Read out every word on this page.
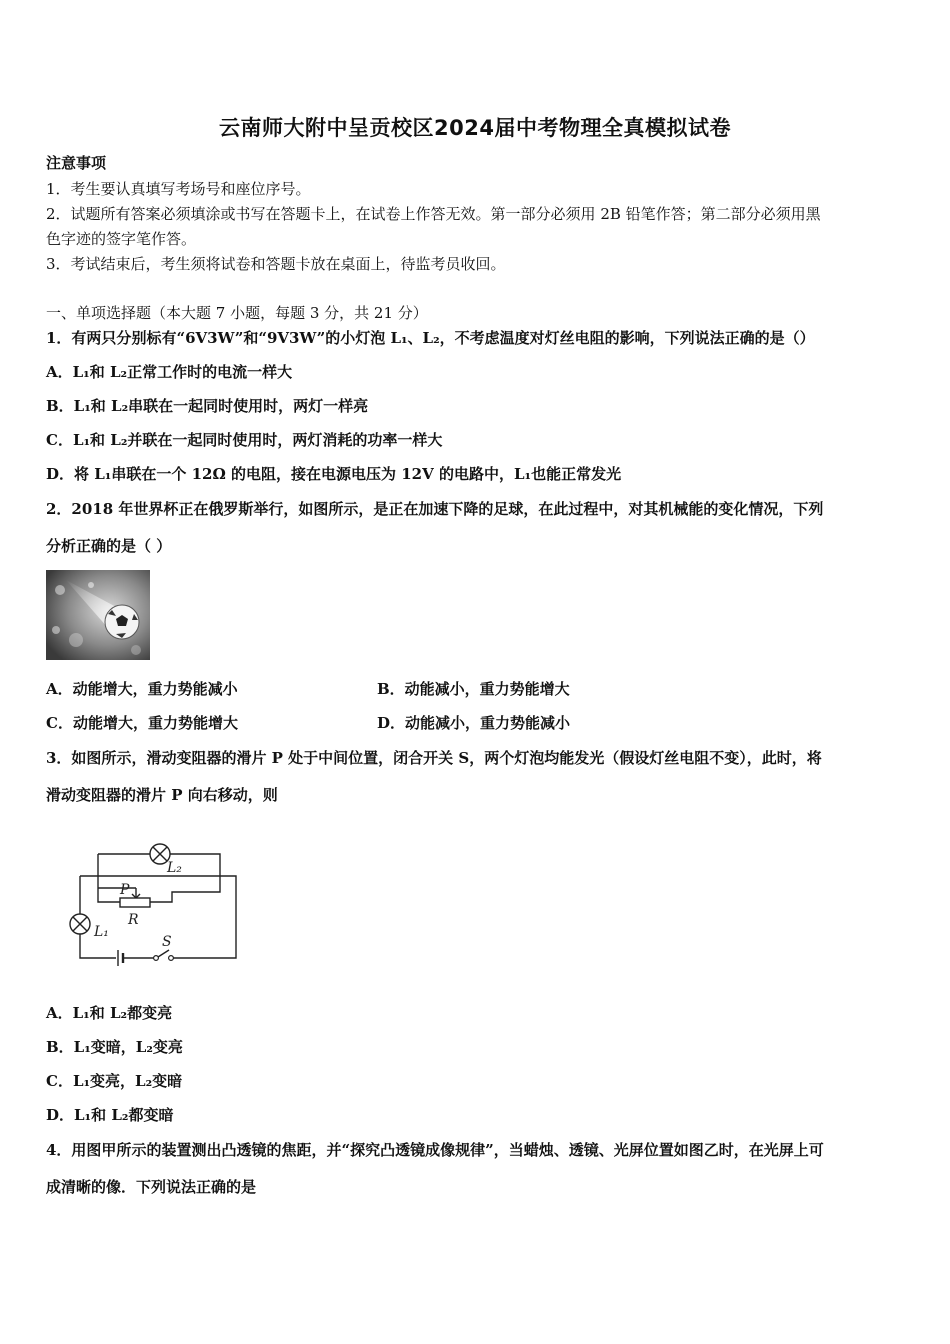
云南师大附中呈贡校区2024届中考物理全真模拟试卷
注意事项
1．考生要认真填写考场号和座位序号。
2．试题所有答案必须填涂或书写在答题卡上，在试卷上作答无效。第一部分必须用 2B 铅笔作答；第二部分必须用黑
色字迹的签字笔作答。
3．考试结束后，考生须将试卷和答题卡放在桌面上，待监考员收回。
一、单项选择题（本大题 7 小题，每题 3 分，共 21 分）
1．有两只分别标有“6V3W”和“9V3W”的小灯泡 L₁、L₂，不考虑温度对灯丝电阻的影响，下列说法正确的是（）
A．L₁和 L₂正常工作时的电流一样大
B．L₁和 L₂串联在一起同时使用时，两灯一样亮
C．L₁和 L₂并联在一起同时使用时，两灯消耗的功率一样大
D．将 L₁串联在一个 12Ω 的电阻，接在电源电压为 12V 的电路中，L₁也能正常发光
2．2018 年世界杯正在俄罗斯举行，如图所示，是正在加速下降的足球，在此过程中，对其机械能的变化情况，下列
分析正确的是（ ）
A．动能增大，重力势能减小	B．动能减小，重力势能增大
C．动能增大，重力势能增大	D．动能减小，重力势能减小
3．如图所示，滑动变阻器的滑片 P 处于中间位置，闭合开关 S，两个灯泡均能发光（假设灯丝电阻不变），此时，将
滑动变阻器的滑片 P 向右移动，则
L₂
L₁
P
R
S
A．L₁和 L₂都变亮
B．L₁变暗，L₂变亮
C．L₁变亮，L₂变暗
D．L₁和 L₂都变暗
4．用图甲所示的装置测出凸透镜的焦距，并“探究凸透镜成像规律”，当蜡烛、透镜、光屏位置如图乙时，在光屏上可
成清晰的像．下列说法正确的是
